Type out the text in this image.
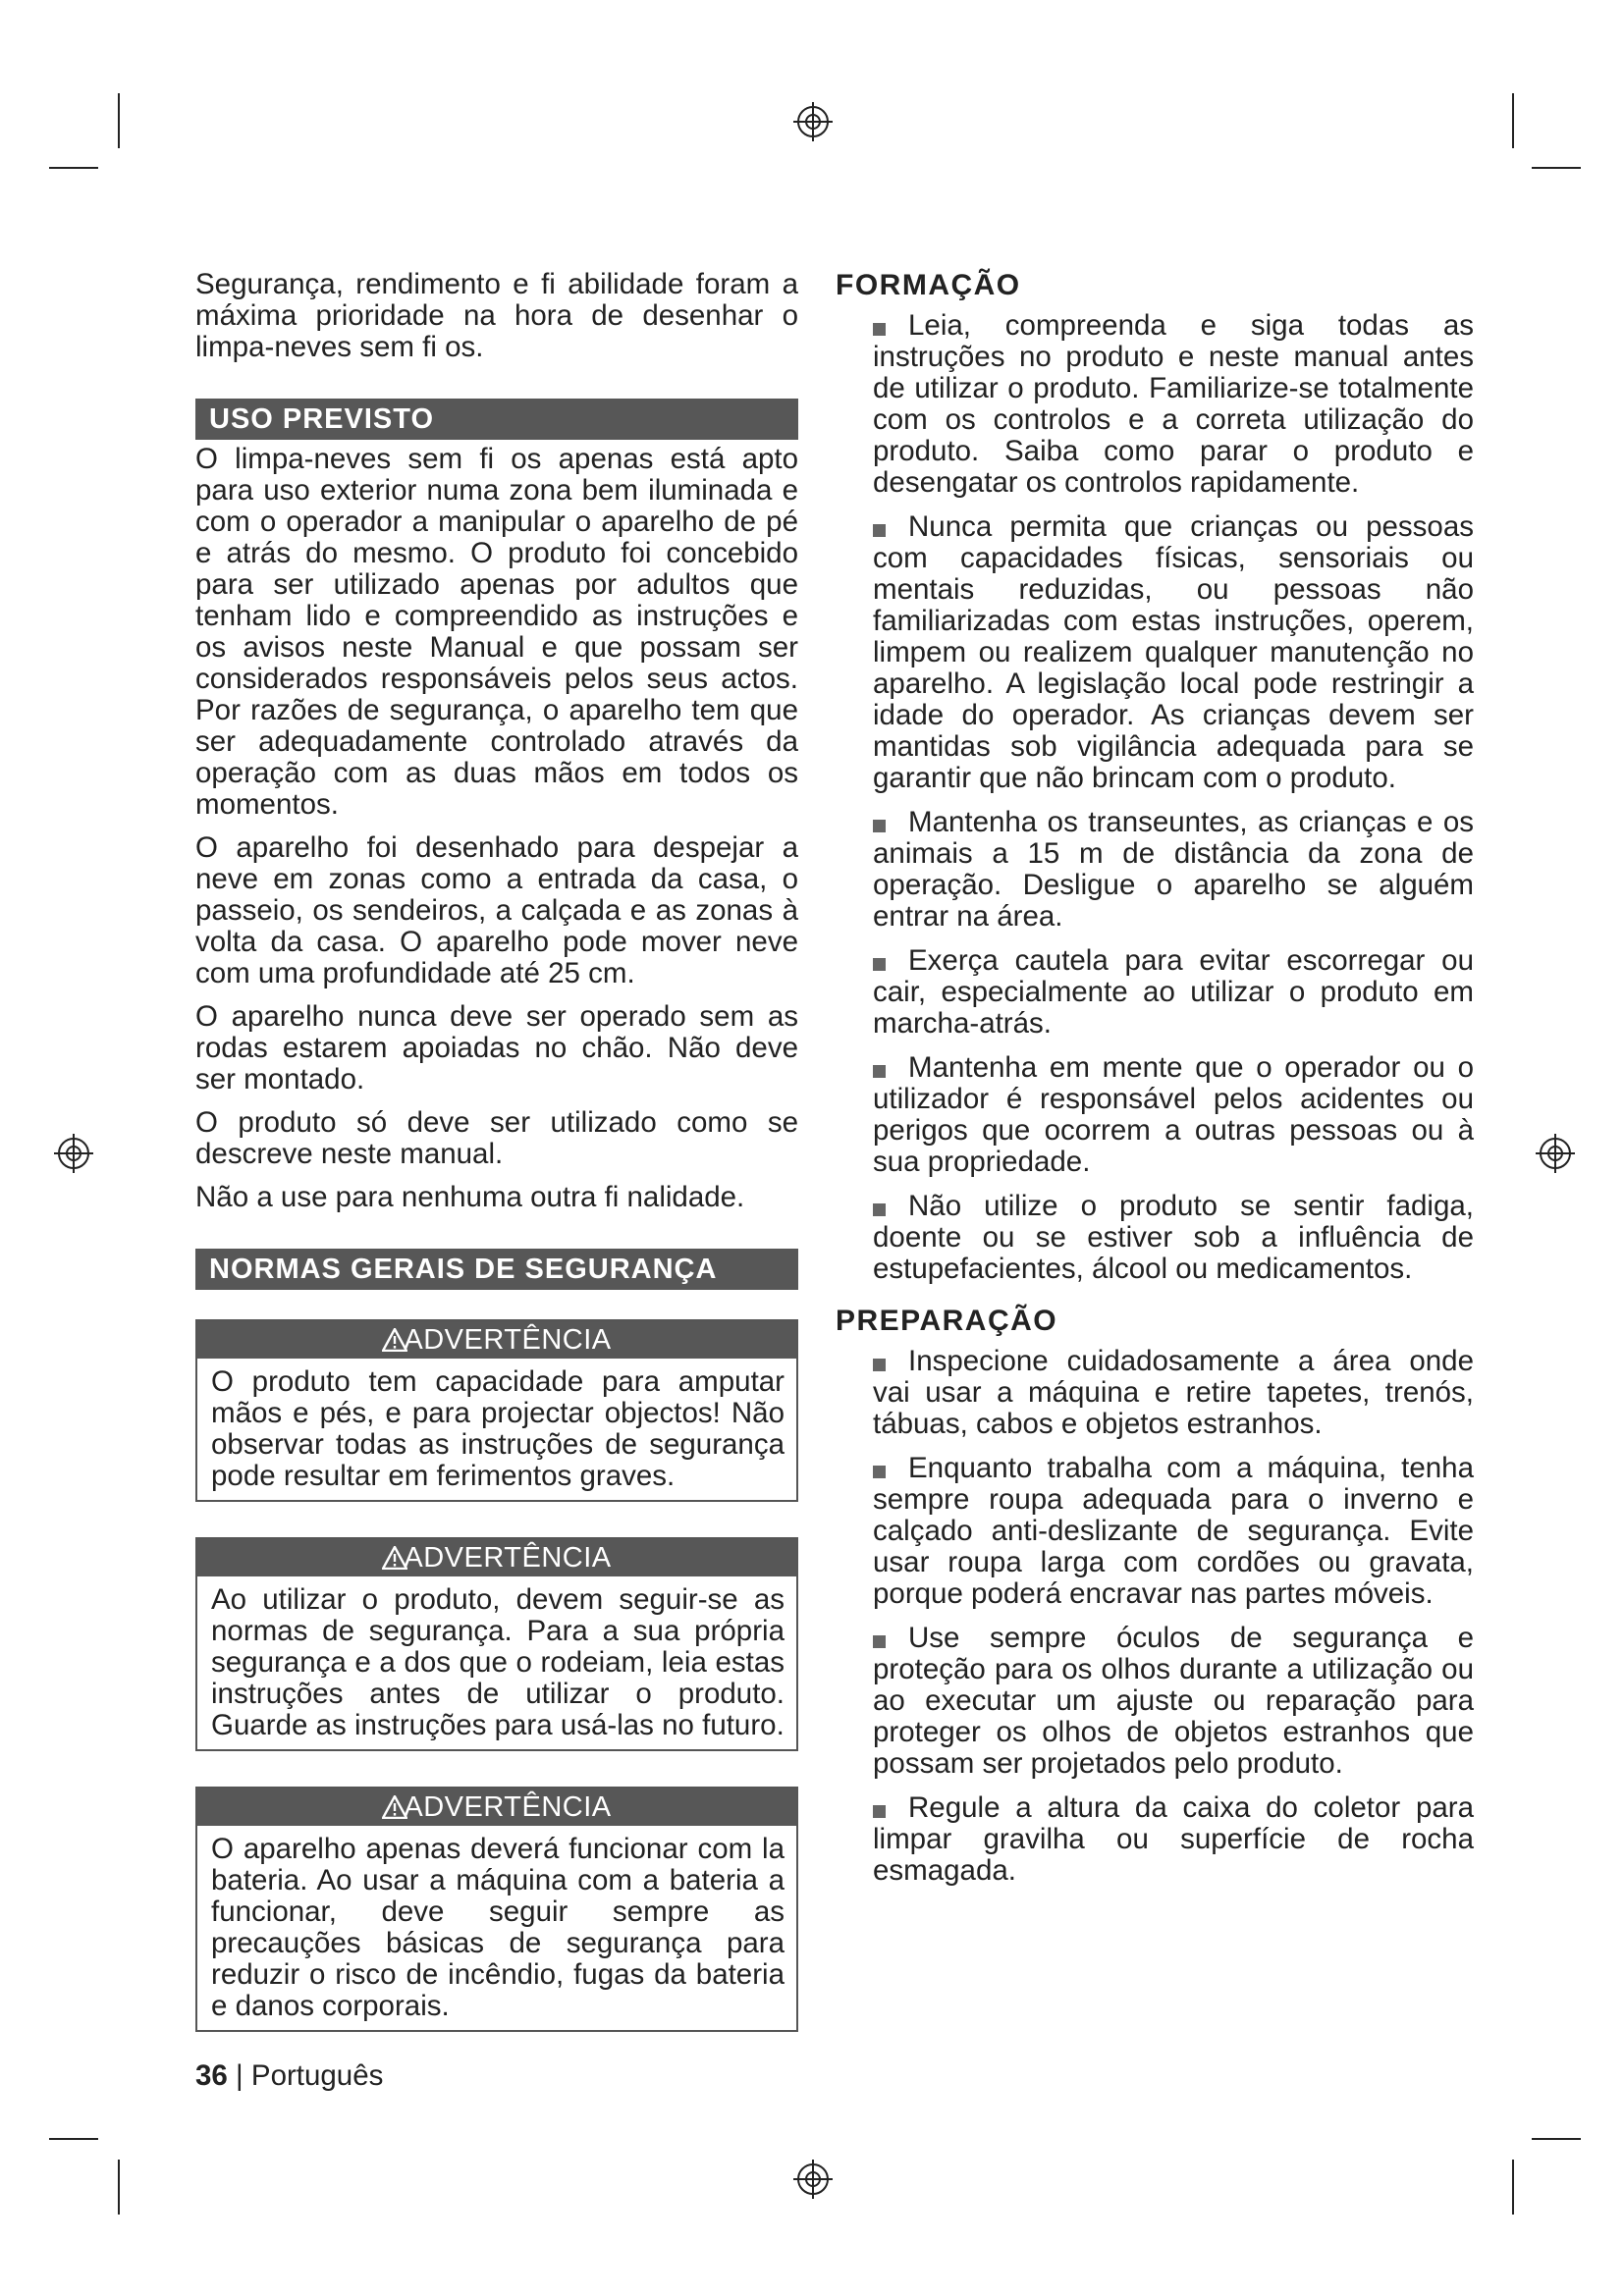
Segurança, rendimento e fi abilidade foram a máxima prioridade na hora de desenhar o limpa-neves sem fi os.

USO PREVISTO

O limpa-neves sem fi os apenas está apto para uso exterior numa zona bem iluminada e com o operador a manipular o aparelho de pé e atrás do mesmo. O produto foi concebido para ser utilizado apenas por adultos que tenham lido e compreendido as instruções e os avisos neste Manual e que possam ser considerados responsáveis pelos seus actos. Por razões de segurança, o aparelho tem que ser adequadamente controlado através da operação com as duas mãos em todos os momentos.

O aparelho foi desenhado para despejar a neve em zonas como a entrada da casa, o passeio, os sendeiros, a calçada e as zonas à volta da casa. O aparelho pode mover neve com uma profundidade até 25 cm.

O aparelho nunca deve ser operado sem as rodas estarem apoiadas no chão. Não deve ser montado.

O produto só deve ser utilizado como se descreve neste manual.

Não a use para nenhuma outra fi nalidade.

NORMAS GERAIS DE SEGURANÇA
ADVERTÊNCIA
O produto tem capacidade para amputar mãos e pés, e para projectar objectos! Não observar todas as instruções de segurança pode resultar em ferimentos graves.
ADVERTÊNCIA
Ao utilizar o produto, devem seguir-se as normas de segurança. Para a sua própria segurança e a dos que o rodeiam, leia estas instruções antes de utilizar o produto. Guarde as instruções para usá-las no futuro.
ADVERTÊNCIA
O aparelho apenas deverá funcionar com la bateria. Ao usar a máquina com a bateria a funcionar, deve seguir sempre as precauções básicas de segurança para reduzir o risco de incêndio, fugas da bateria e danos corporais.
FORMAÇÃO
Leia, compreenda e siga todas as instruções no produto e neste manual antes de utilizar o produto. Familiarize-se totalmente com os controlos e a correta utilização do produto. Saiba como parar o produto e desengatar os controlos rapidamente.
Nunca permita que crianças ou pessoas com capacidades físicas, sensoriais ou mentais reduzidas, ou pessoas não familiarizadas com estas instruções, operem, limpem ou realizem qualquer manutenção no aparelho. A legislação local pode restringir a idade do operador. As crianças devem ser mantidas sob vigilância adequada para se garantir que não brincam com o produto.
Mantenha os transeuntes, as crianças e os animais a 15 m de distância da zona de operação. Desligue o aparelho se alguém entrar na área.
Exerça cautela para evitar escorregar ou cair, especialmente ao utilizar o produto em marcha-atrás.
Mantenha em mente que o operador ou o utilizador é responsável pelos acidentes ou perigos que ocorrem a outras pessoas ou à sua propriedade.
Não utilize o produto se sentir fadiga, doente ou se estiver sob a influência de estupefacientes, álcool ou medicamentos.
PREPARAÇÃO
Inspecione cuidadosamente a área onde vai usar a máquina e retire tapetes, trenós, tábuas, cabos e objetos estranhos.
Enquanto trabalha com a máquina, tenha sempre roupa adequada para o inverno e calçado anti-deslizante de segurança. Evite usar roupa larga com cordões ou gravata, porque poderá encravar nas partes móveis.
Use sempre óculos de segurança e proteção para os olhos durante a utilização ou ao executar um ajuste ou reparação para proteger os olhos de objetos estranhos que possam ser projetados pelo produto.
Regule a altura da caixa do coletor para limpar gravilha ou superfície de rocha esmagada.
36 | Português
